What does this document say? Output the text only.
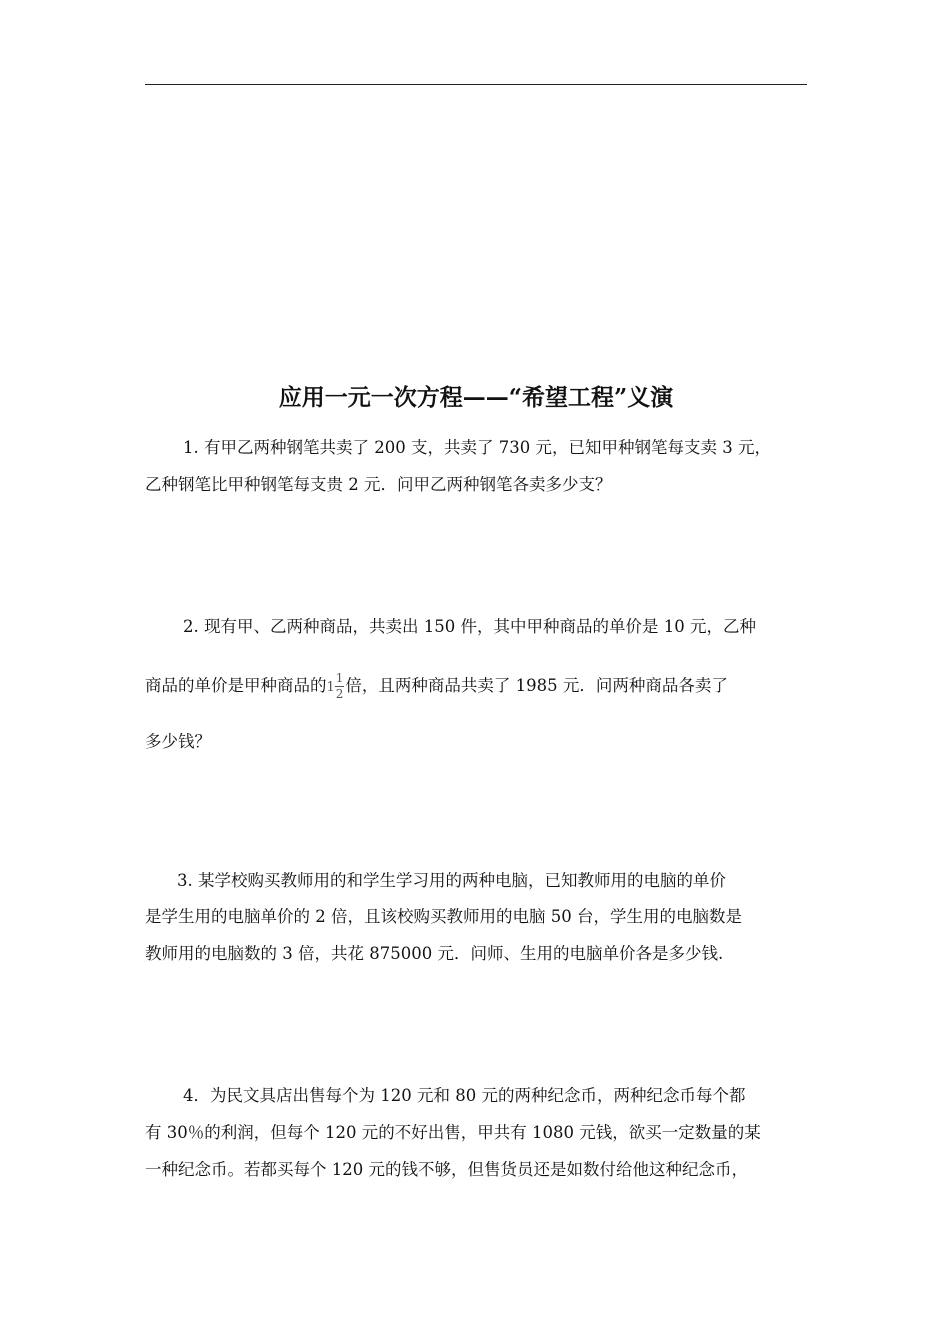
应用一元一次方程——“希望工程”义演
1. 有甲乙两种钢笔共卖了 200 支，共卖了 730 元，已知甲种钢笔每支卖 3 元，
乙种钢笔比甲种钢笔每支贵 2 元．问甲乙两种钢笔各卖多少支？
2. 现有甲、乙两种商品，共卖出 150 件，其中甲种商品的单价是 10 元，乙种
商品的单价是甲种商品的$1 \frac{1}{2}$ 倍，且两种商品共卖了 1985 元．问两种商品各卖了
多少钱？
3. 某学校购买教师用的和学生学习用的两种电脑，已知教师用的电脑的单价
是学生用的电脑单价的 2 倍，且该校购买教师用的电脑 50 台，学生用的电脑数是
教师用的电脑数的 3 倍，共花 875000 元．问师、生用的电脑单价各是多少钱.
4．为民文具店出售每个为 120 元和 80 元的两种纪念币，两种纪念币每个都
有 30％的利润，但每个 120 元的不好出售，甲共有 1080 元钱，欲买一定数量的某
一种纪念币。若都买每个 120 元的钱不够，但售货员还是如数付给他这种纪念币，
